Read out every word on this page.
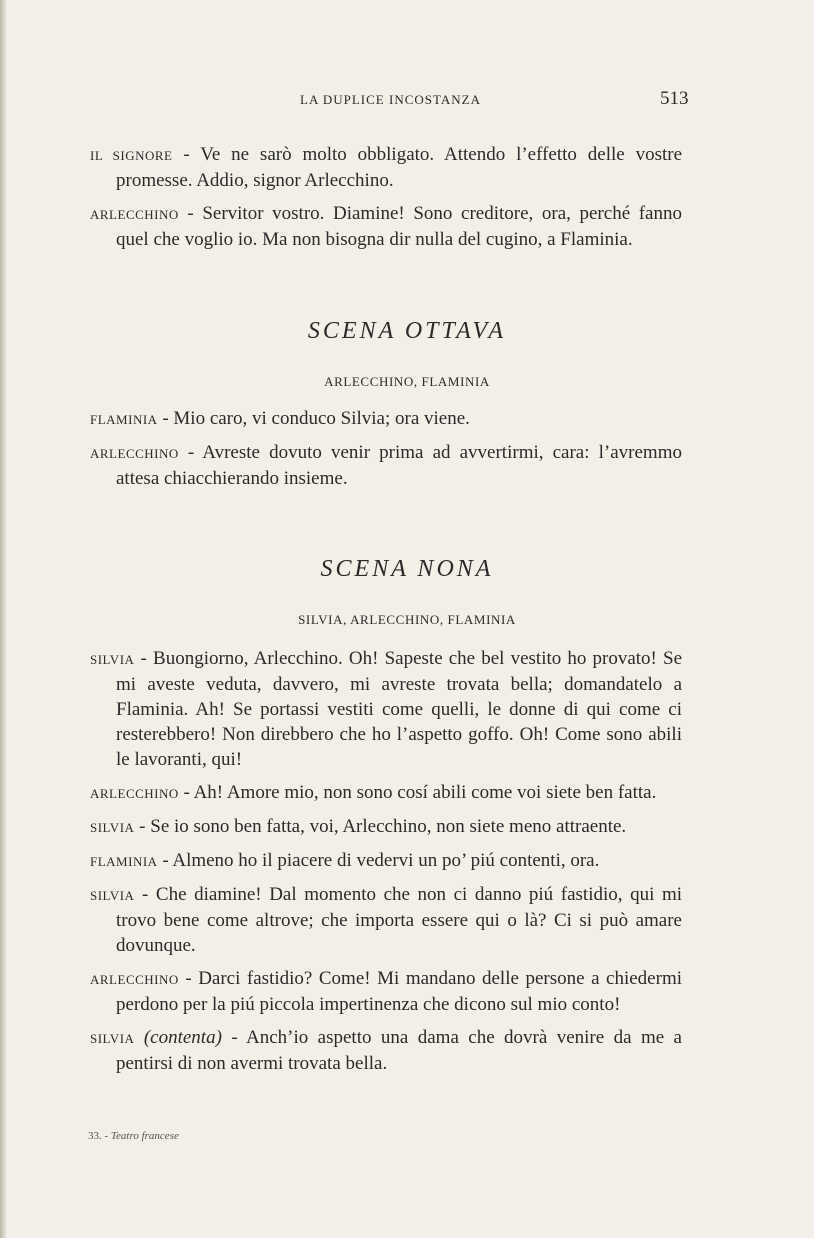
LA DUPLICE INCOSTANZA	513

IL SIGNORE - Ve ne sarò molto obbligato. Attendo l’effetto delle vostre promesse. Addio, signor Arlecchino.

ARLECCHINO - Servitor vostro. Diamine! Sono creditore, ora, perché fanno quel che voglio io. Ma non bisogna dir nulla del cugino, a Flaminia.

SCENA OTTAVA
ARLECCHINO, FLAMINIA

FLAMINIA - Mio caro, vi conduco Silvia; ora viene.

ARLECCHINO - Avreste dovuto venir prima ad avvertirmi, cara: l’avremmo attesa chiacchierando insieme.

SCENA NONA
SILVIA, ARLECCHINO, FLAMINIA

SILVIA - Buongiorno, Arlecchino. Oh! Sapeste che bel vestito ho provato! Se mi aveste veduta, davvero, mi avreste trovata bella; domandatelo a Flaminia. Ah! Se portassi vestiti come quelli, le donne di qui come ci resterebbero! Non direbbero che ho l’aspetto goffo. Oh! Come sono abili le lavoranti, qui!

ARLECCHINO - Ah! Amore mio, non sono cosí abili come voi siete ben fatta.

SILVIA - Se io sono ben fatta, voi, Arlecchino, non siete meno attraente.

FLAMINIA - Almeno ho il piacere di vedervi un po’ piú contenti, ora.

SILVIA - Che diamine! Dal momento che non ci danno piú fastidio, qui mi trovo bene come altrove; che importa essere qui o là? Ci si può amare dovunque.

ARLECCHINO - Darci fastidio? Come! Mi mandano delle persone a chiedermi perdono per la piú piccola impertinenza che dicono sul mio conto!

SILVIA (contenta) - Anch’io aspetto una dama che dovrà venire da me a pentirsi di non avermi trovata bella.

33. - Teatro francese
